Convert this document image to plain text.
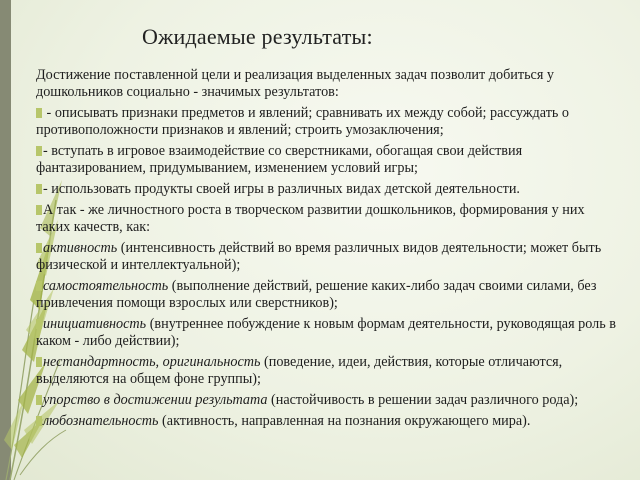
Ожидаемые результаты:

Достижение поставленной цели и реализация выделенных задач позволит добиться у дошкольников социально - значимых результатов:

- описывать признаки предметов и явлений; сравнивать их между собой; рассуждать о противоположности признаков и явлений; строить умозаключения;

- вступать в игровое взаимодействие со сверстниками, обогащая свои действия фантазированием, придумыванием, изменением условий игры;

- использовать продукты своей игры в различных видах детской деятельности.

А так - же личностного роста в творческом развитии дошкольников, формирования у них таких качеств, как:

активность (интенсивность действий во время различных видов деятельности; может быть физической и интеллектуальной);

самостоятельность (выполнение действий, решение каких-либо задач своими силами, без привлечения помощи взрослых или сверстников);

инициативность (внутреннее побуждение к новым формам деятельности, руководящая роль в каком - либо действии);

нестандартность, оригинальность (поведение, идеи, действия, которые отличаются, выделяются на общем фоне группы);

упорство в достижении результата (настойчивость в решении задач различного рода);

любознательность (активность, направленная на познания окружающего мира).
